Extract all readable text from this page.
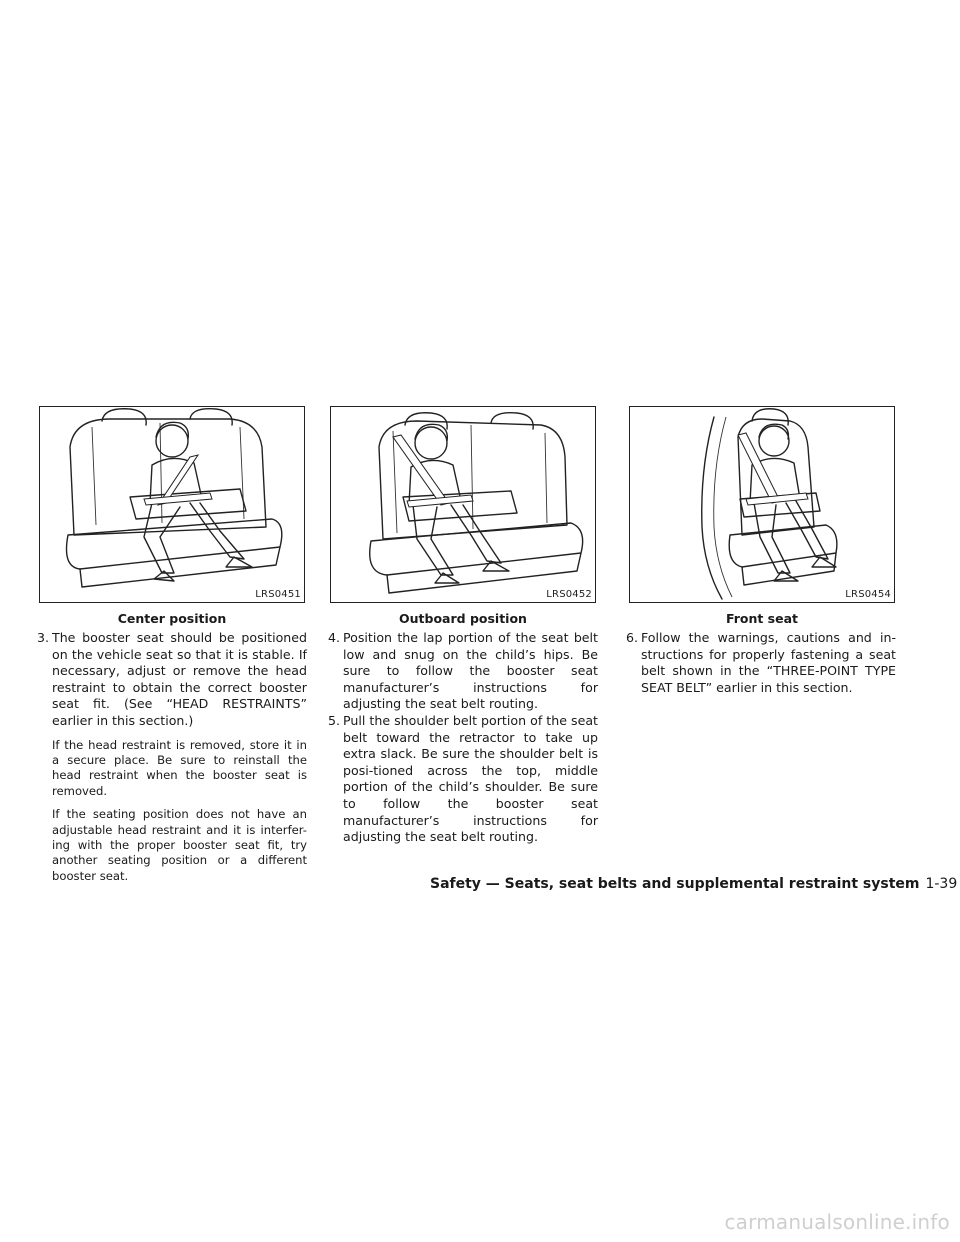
LRS0451
Center position
LRS0452
Outboard position
LRS0454
Front seat
3. The booster seat should be positioned on the vehicle seat so that it is stable. If necessary, adjust or remove the head restraint to obtain the correct booster seat fit. (See “HEAD RESTRAINTS” earlier in this section.)

If the head restraint is removed, store it in a secure place. Be sure to reinstall the head restraint when the booster seat is removed.

If the seating position does not have an adjustable head restraint and it is interfer-ing with the proper booster seat fit, try another seating position or a different booster seat.

4. Position the lap portion of the seat belt low and snug on the child’s hips. Be sure to follow the booster seat manufacturer’s instructions for adjusting the seat belt routing.
5. Pull the shoulder belt portion of the seat belt toward the retractor to take up extra slack. Be sure the shoulder belt is posi-tioned across the top, middle portion of the child’s shoulder. Be sure to follow the booster seat manufacturer’s instructions for adjusting the seat belt routing.
6. Follow the warnings, cautions and in-structions for properly fastening a seat belt shown in the “THREE-POINT TYPE SEAT BELT” earlier in this section.
Safety — Seats, seat belts and supplemental restraint system 1-39
carmanualsonline.info
